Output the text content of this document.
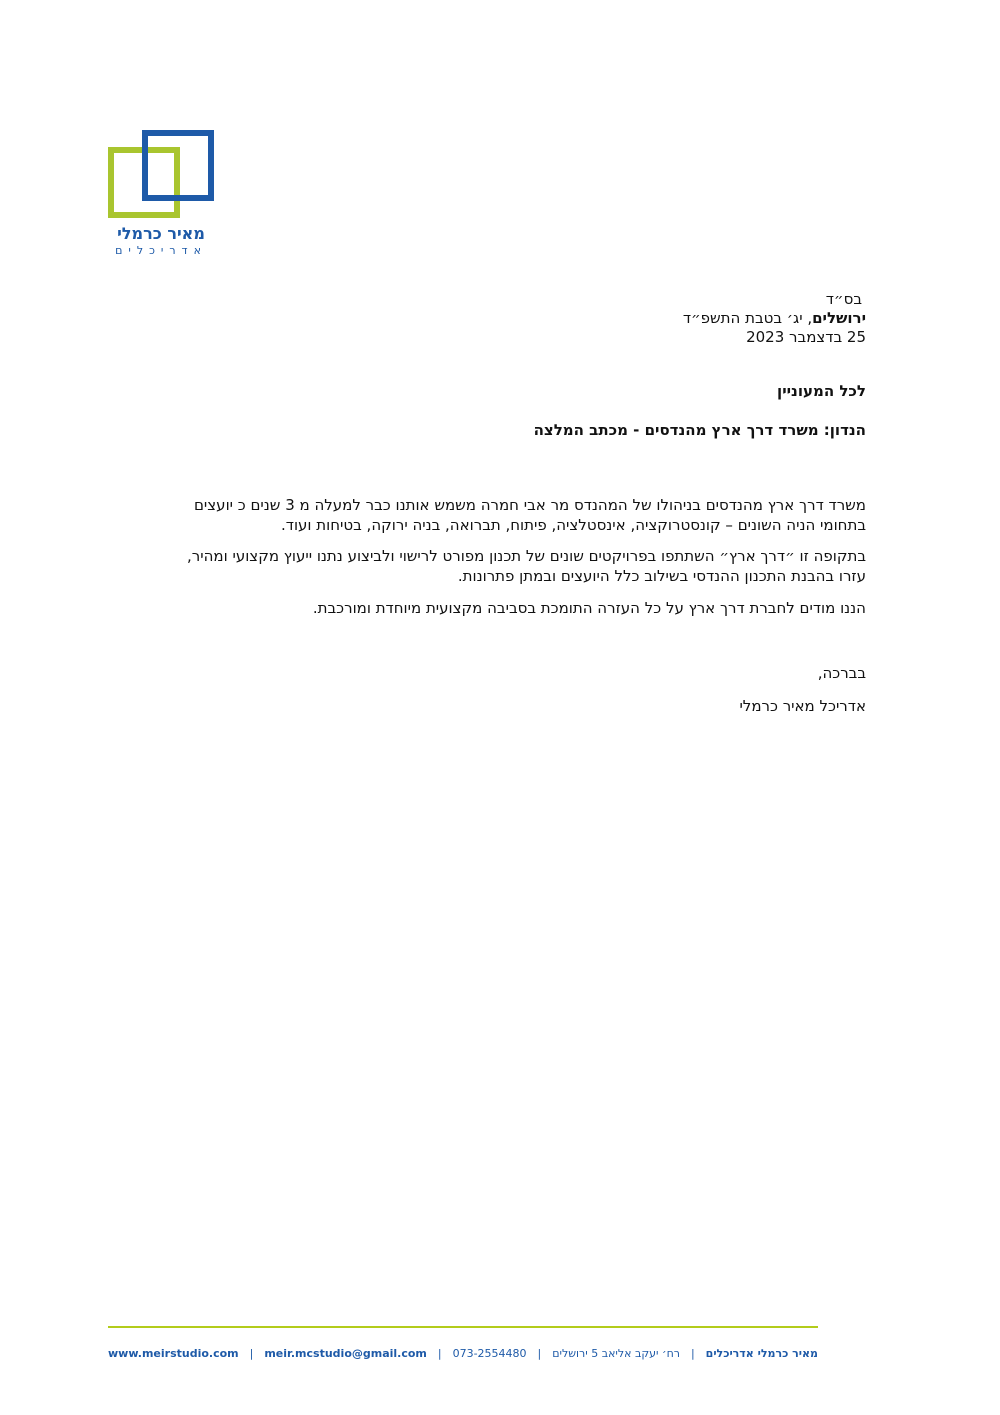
מאיר כרמלי
אדריכלים
בס״ד
ירושלים, יג׳ בטבת התשפ״ד
25 בדצמבר 2023
לכל המעוניין
הנדון: משרד דרך ארץ מהנדסים - מכתב המלצה
משרד דרך ארץ מהנדסים בניהולו של המהנדס מר אבי חמרה משמש אותנו כבר למעלה מ 3 שנים כ יועצים
בתחומי הניה השונים – קונסטרוקציה, אינסטלציה, פיתוח, תברואה, בניה ירוקה, בטיחות ועוד.
בתקופה זו ״דרך ארץ״ השתתפו בפרויקטים שונים של תכנון מפורט לרישוי ולביצוע נתנו ייעוץ מקצועי ומהיר,
עזרו בהבנת התכנון ההנדסי בשילוב כלל היועצים ובמתן פתרונות.
הננו מודים לחברת דרך ארץ על כל העזרה התומכת בסביבה מקצועית מיוחדת ומורכבת.
בברכה,
אדריכל מאיר כרמלי
www.meirstudio.com | meir.mcstudio@gmail.com | 073-2554480 | רח׳ יעקב אליאב 5 ירושלים | מאיר כרמלי אדריכלים
